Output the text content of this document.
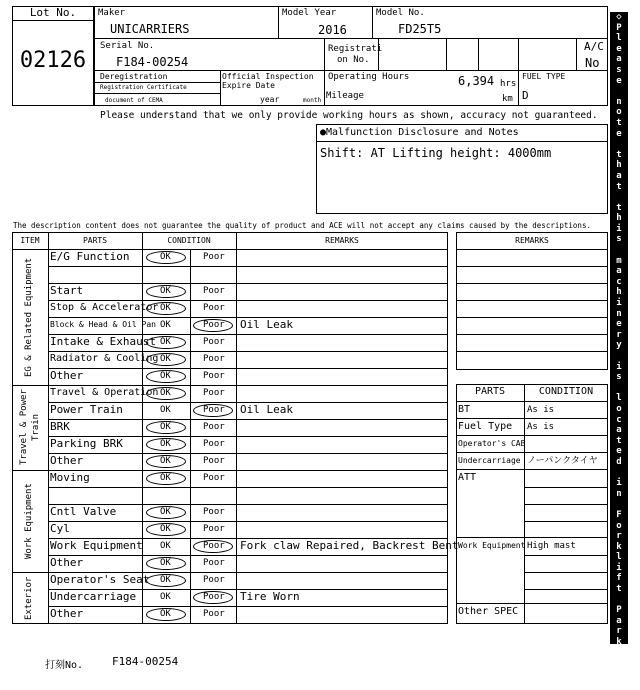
Lot No.
02126
Maker
UNICARRIERS
Model Year
2016
Model No.
FD25T5
Serial No.
F184-00254
Registrati
on No.
A/C
No
Deregistration
Registration Certificate
document of CEMA
Official Inspection
Expire Date
year	month
Operating Hours	6,394 hrs
Mileage	km
FUEL TYPE
D
Please understand that we only provide working hours as shown, accuracy not guaranteed.
●Malfunction Disclosure and Notes
Shift: AT Lifting height: 4000mm
The description content does not guarantee the quality of product and ACE will not accept any claims caused by the descriptions.
ITEM	PARTS	CONDITION	REMARKS
EG & Related Equipment
Travel & Power Train
Work Equipment
Exterior
E/G Function	OK	Poor
Start	OK	Poor
Stop & Accelerator OK	Poor
Block & Head & Oil Pan OK	Poor Oil Leak
Intake & Exhaust OK	Poor
Radiator & Cooling OK	Poor
Other	OK	Poor
Travel & Operation OK	Poor
Power Train	OK	Poor Oil Leak
BRK	OK	Poor
Parking BRK	OK	Poor
Other	OK	Poor
Moving	OK	Poor
Cntl Valve	OK	Poor
Cyl	OK	Poor
Work Equipment OK	Poor Fork claw Repaired, Backrest Bent
Other	OK	Poor
Operator's Seat OK	Poor
Undercarriage	OK	Poor Tire Worn
Other	OK	Poor
REMARKS
PARTS	CONDITION
BT	As is
Fuel Type As is
Operator's CAB
Undercarriage ノーパンクタイヤ
ATT
Work Equipment High mast
Other SPEC
◇
P
l
e
a
s
e

n
o
t
e

t
h
a
t

t
h
i
s

m
a
c
h
i
n
e
r
y

i
s

l
o
c
a
t
e
d

i
n

F
o
r
k
l
i
f
t

P
a
r
k
i
n
g
◇
打刻No.	F184-00254
